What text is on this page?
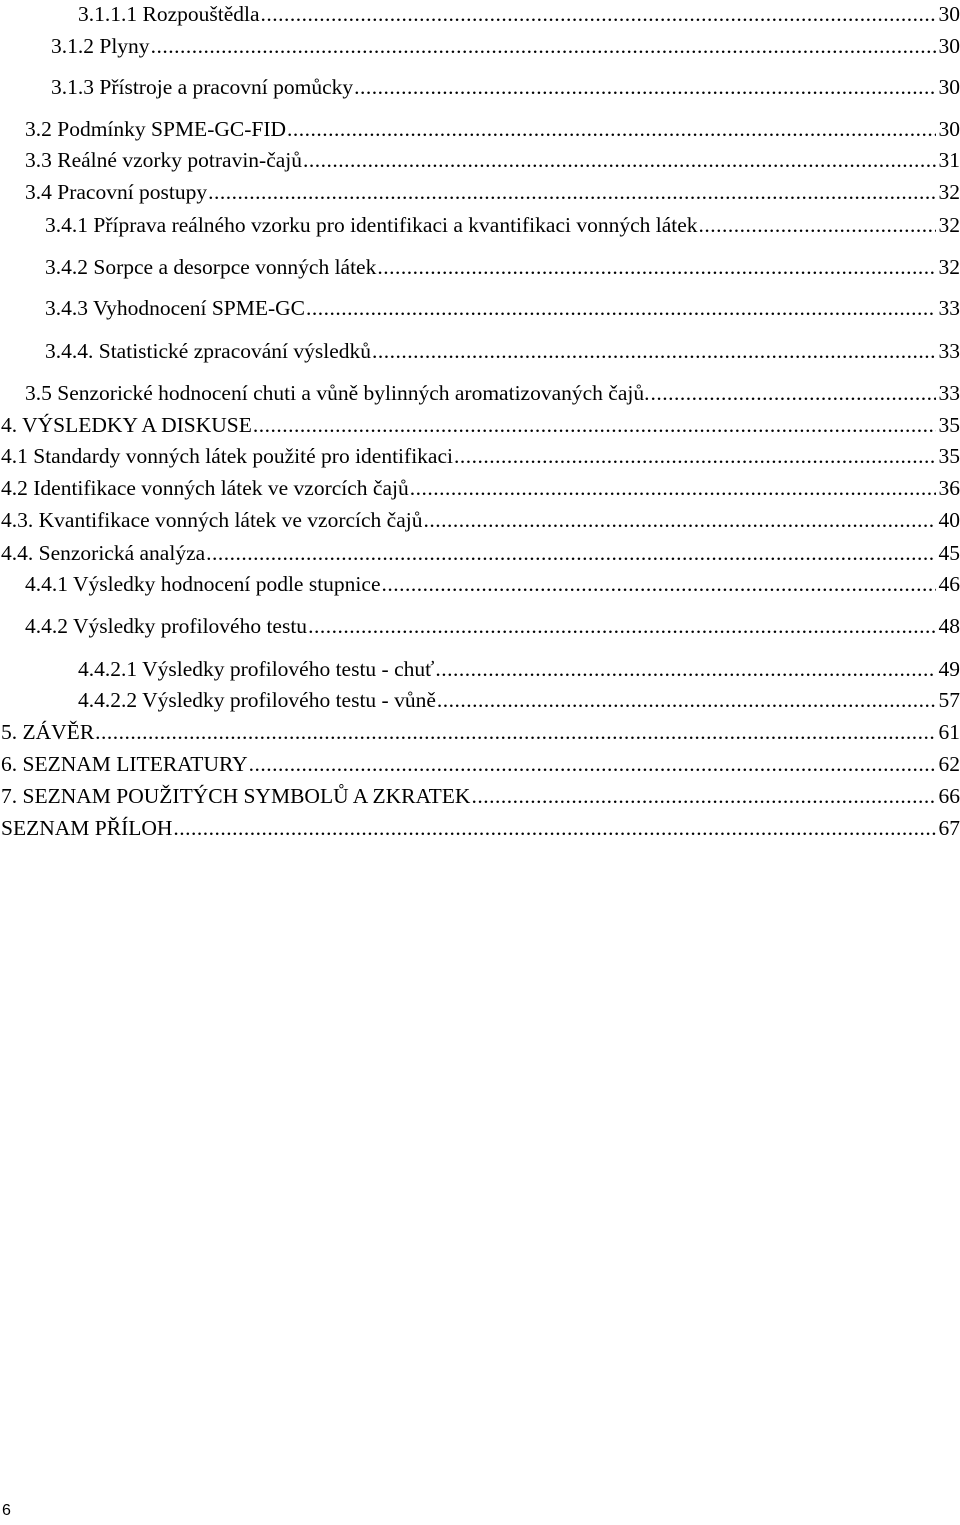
3.1.1.1 Rozpouštědla .....	30
3.1.2 Plyny .....	30
3.1.3 Přístroje a pracovní pomůcky .....	30
3.2 Podmínky SPME-GC-FID .....	30
3.3 Reálné vzorky potravin-čajů .....	31
3.4 Pracovní postupy .....	32
3.4.1 Příprava reálného vzorku pro identifikaci a kvantifikaci vonných látek .....	32
3.4.2 Sorpce a desorpce vonných látek .....	32
3.4.3 Vyhodnocení SPME-GC .....	33
3.4.4. Statistické zpracování výsledků .....	33
3.5 Senzorické hodnocení chuti a vůně bylinných aromatizovaných čajů. .....	33
4. VÝSLEDKY A DISKUSE .....	35
4.1 Standardy vonných látek použité pro identifikaci .....	35
4.2 Identifikace vonných látek ve vzorcích čajů .....	36
4.3. Kvantifikace vonných látek ve vzorcích čajů .....	40
4.4. Senzorická analýza .....	45
4.4.1 Výsledky hodnocení podle stupnice .....	46
4.4.2 Výsledky profilového testu .....	48
4.4.2.1 Výsledky profilového testu - chuť .....	49
4.4.2.2 Výsledky profilového testu - vůně .....	57
5. ZÁVĚR .....	61
6. SEZNAM LITERATURY .....	62
7. SEZNAM POUŽITÝCH SYMBOLŮ A ZKRATEK .....	66
SEZNAM PŘÍLOH .....	67
6
